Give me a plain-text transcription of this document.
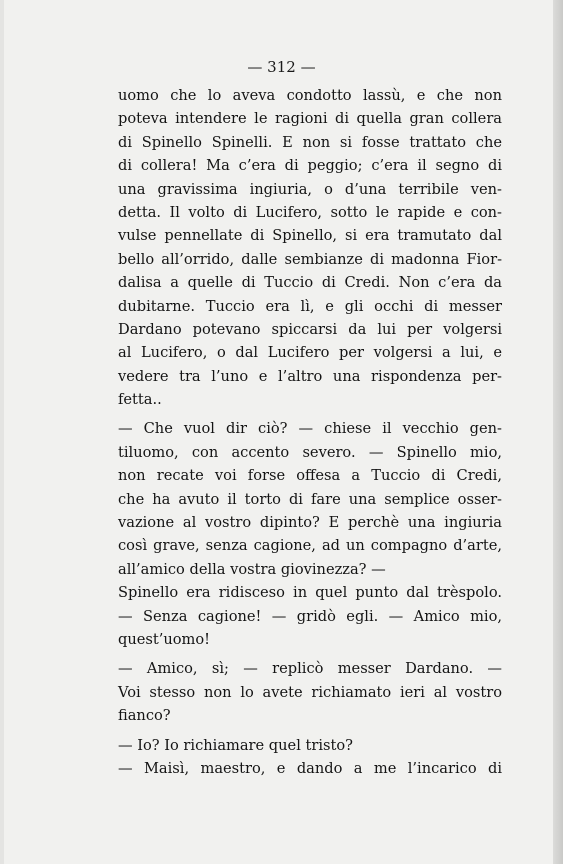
— 312 —
uomo che lo aveva condotto lassù, e che non
poteva intendere le ragioni di quella gran collera
di Spinello Spinelli. E non si fosse trattato che
di collera! Ma c’era di peggio; c’era il segno di
una gravissima ingiuria, o d’una terribile ven-
detta. Il volto di Lucifero, sotto le rapide e con-
vulse pennellate di Spinello, si era tramutato dal
bello all’orrido, dalle sembianze di madonna Fior-
dalisa a quelle di Tuccio di Credi. Non c’era da
dubitarne. Tuccio era lì, e gli occhi di messer
Dardano potevano spiccarsi da lui per volgersi
al Lucifero, o dal Lucifero per volgersi a lui, e
vedere tra l’uno e l’altro una rispondenza per-
fetta..
— Che vuol dir ciò? — chiese il vecchio gen-
tiluomo, con accento severo. — Spinello mio,
non recate voi forse offesa a Tuccio di Credi,
che ha avuto il torto di fare una semplice osser-
vazione al vostro dipinto? E perchè una ingiuria
così grave, senza cagione, ad un compagno d’arte,
all’amico della vostra giovinezza? —
Spinello era ridisceso in quel punto dal trèspolo.
— Senza cagione! — gridò egli. — Amico mio,
quest’uomo!
— Amico, sì; — replicò messer Dardano. —
Voi stesso non lo avete richiamato ieri al vostro
fianco?
— Io? Io richiamare quel tristo?
— Maisì, maestro, e dando a me l’incarico di
